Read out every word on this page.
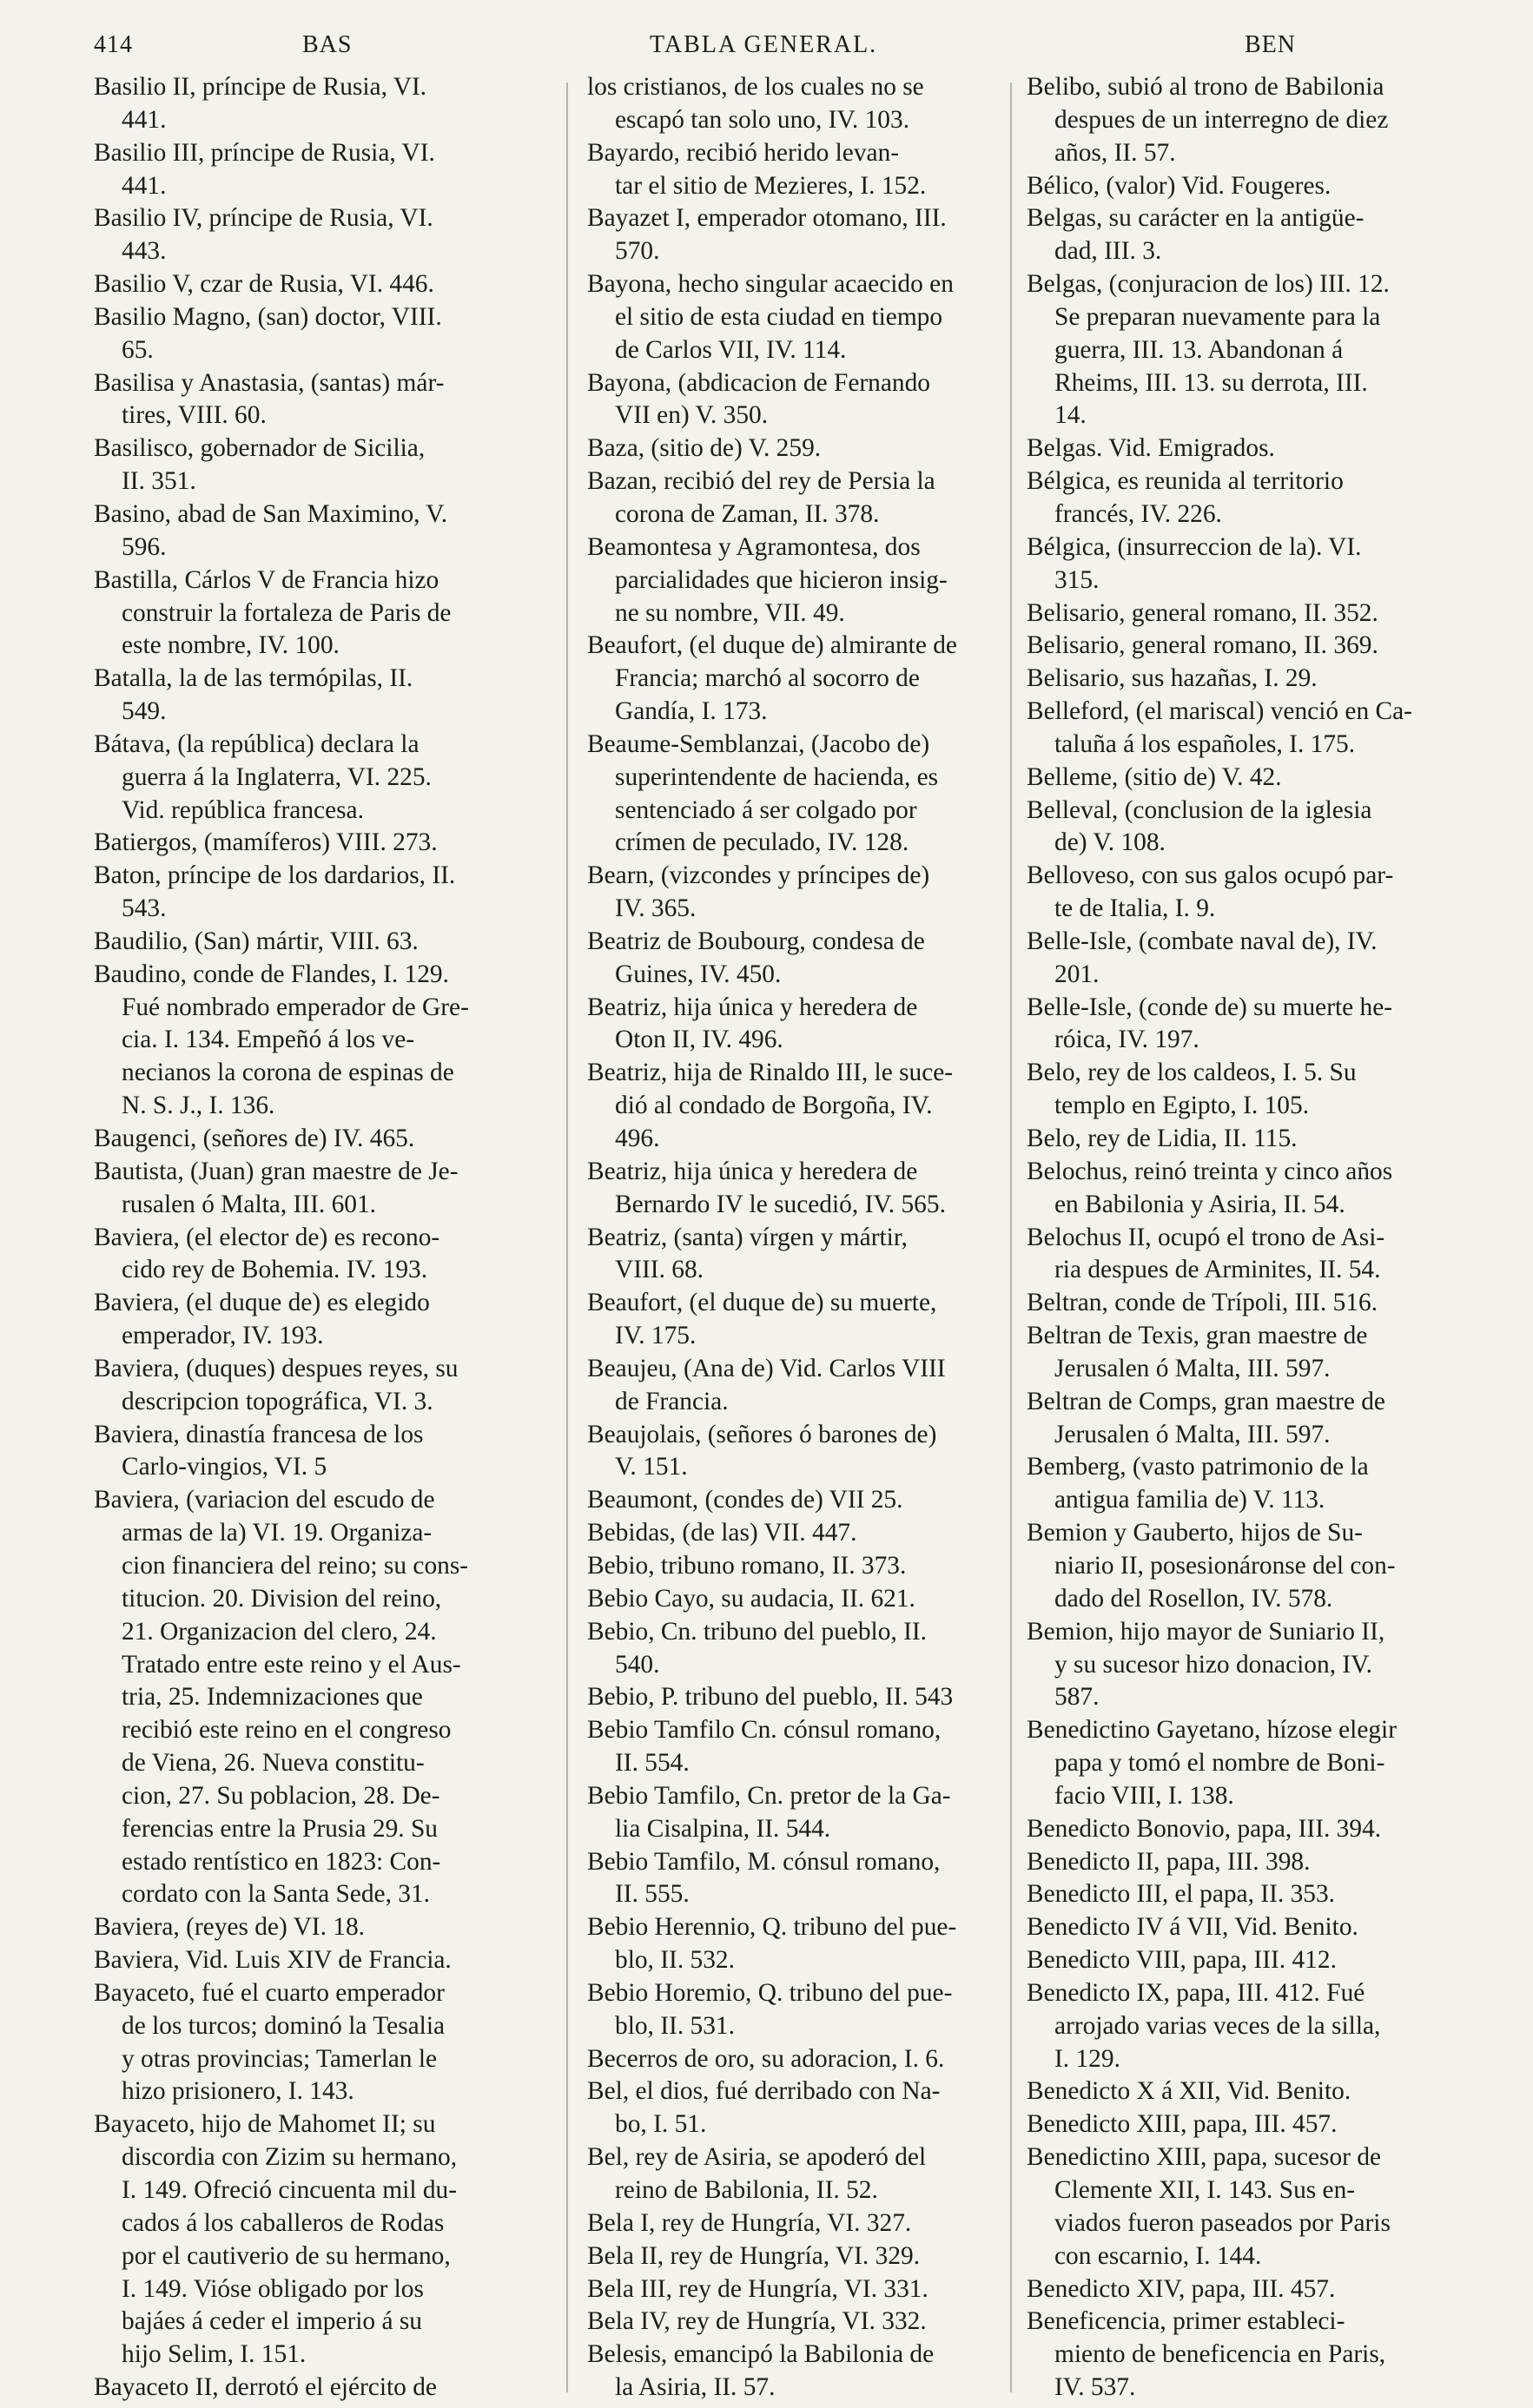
414	BAS	TABLA GENERAL.	BEN
Basilio II, príncipe de Rusia, VI.
441.
Basilio III, príncipe de Rusia, VI.
441.
Basilio IV, príncipe de Rusia, VI.
443.
Basilio V, czar de Rusia, VI. 446.
Basilio Magno, (san) doctor, VIII.
65.
Basilisa y Anastasia, (santas) már-
tires, VIII. 60.
Basilisco, gobernador de Sicilia,
II. 351.
Basino, abad de San Maximino, V.
596.
Bastilla, Cárlos V de Francia hizo
construir la fortaleza de Paris de
este nombre, IV. 100.
Batalla, la de las termópilas, II.
549.
Bátava, (la república) declara la
guerra á la Inglaterra, VI. 225.
Vid. república francesa.
Batiergos, (mamíferos) VIII. 273.
Baton, príncipe de los dardarios, II.
543.
Baudilio, (San) mártir, VIII. 63.
Baudino, conde de Flandes, I. 129.
Fué nombrado emperador de Gre-
cia. I. 134. Empeñó á los ve-
necianos la corona de espinas de
N. S. J., I. 136.
Baugenci, (señores de) IV. 465.
Bautista, (Juan) gran maestre de Je-
rusalen ó Malta, III. 601.
Baviera, (el elector de) es recono-
cido rey de Bohemia. IV. 193.
Baviera, (el duque de) es elegido
emperador, IV. 193.
Baviera, (duques) despues reyes, su
descripcion topográfica, VI. 3.
Baviera, dinastía francesa de los
Carlo-vingios, VI. 5
Baviera, (variacion del escudo de
armas de la) VI. 19. Organiza-
cion financiera del reino; su cons-
titucion. 20. Division del reino,
21. Organizacion del clero, 24.
Tratado entre este reino y el Aus-
tria, 25. Indemnizaciones que
recibió este reino en el congreso
de Viena, 26. Nueva constitu-
cion, 27. Su poblacion, 28. De-
ferencias entre la Prusia 29. Su
estado rentístico en 1823: Con-
cordato con la Santa Sede, 31.
Baviera, (reyes de) VI. 18.
Baviera, Vid. Luis XIV de Francia.
Bayaceto, fué el cuarto emperador
de los turcos; dominó la Tesalia
y otras provincias; Tamerlan le
hizo prisionero, I. 143.
Bayaceto, hijo de Mahomet II; su
discordia con Zizim su hermano,
I. 149. Ofreció cincuenta mil du-
cados á los caballeros de Rodas
por el cautiverio de su hermano,
I. 149. Vióse obligado por los
bajáes á ceder el imperio á su
hijo Selim, I. 151.
Bayaceto II, derrotó el ejército de
los cristianos, de los cuales no se
escapó tan solo uno, IV. 103.
Bayardo, recibió herido levan-
tar el sitio de Mezieres, I. 152.
Bayazet I, emperador otomano, III.
570.
Bayona, hecho singular acaecido en
el sitio de esta ciudad en tiempo
de Carlos VII, IV. 114.
Bayona, (abdicacion de Fernando
VII en) V. 350.
Baza, (sitio de) V. 259.
Bazan, recibió del rey de Persia la
corona de Zaman, II. 378.
Beamontesa y Agramontesa, dos
parcialidades que hicieron insig-
ne su nombre, VII. 49.
Beaufort, (el duque de) almirante de
Francia; marchó al socorro de
Gandía, I. 173.
Beaume-Semblanzai, (Jacobo de)
superintendente de hacienda, es
sentenciado á ser colgado por
crímen de peculado, IV. 128.
Bearn, (vizcondes y príncipes de)
IV. 365.
Beatriz de Boubourg, condesa de
Guines, IV. 450.
Beatriz, hija única y heredera de
Oton II, IV. 496.
Beatriz, hija de Rinaldo III, le suce-
dió al condado de Borgoña, IV.
496.
Beatriz, hija única y heredera de
Bernardo IV le sucedió, IV. 565.
Beatriz, (santa) vírgen y mártir,
VIII. 68.
Beaufort, (el duque de) su muerte,
IV. 175.
Beaujeu, (Ana de) Vid. Carlos VIII
de Francia.
Beaujolais, (señores ó barones de)
V. 151.
Beaumont, (condes de) VII 25.
Bebidas, (de las) VII. 447.
Bebio, tribuno romano, II. 373.
Bebio Cayo, su audacia, II. 621.
Bebio, Cn. tribuno del pueblo, II.
540.
Bebio, P. tribuno del pueblo, II. 543
Bebio Tamfilo Cn. cónsul romano,
II. 554.
Bebio Tamfilo, Cn. pretor de la Ga-
lia Cisalpina, II. 544.
Bebio Tamfilo, M. cónsul romano,
II. 555.
Bebio Herennio, Q. tribuno del pue-
blo, II. 532.
Bebio Horemio, Q. tribuno del pue-
blo, II. 531.
Becerros de oro, su adoracion, I. 6.
Bel, el dios, fué derribado con Na-
bo, I. 51.
Bel, rey de Asiria, se apoderó del
reino de Babilonia, II. 52.
Bela I, rey de Hungría, VI. 327.
Bela II, rey de Hungría, VI. 329.
Bela III, rey de Hungría, VI. 331.
Bela IV, rey de Hungría, VI. 332.
Belesis, emancipó la Babilonia de
la Asiria, II. 57.
Belibo, subió al trono de Babilonia
despues de un interregno de diez
años, II. 57.
Bélico, (valor) Vid. Fougeres.
Belgas, su carácter en la antigüe-
dad, III. 3.
Belgas, (conjuracion de los) III. 12.
Se preparan nuevamente para la
guerra, III. 13. Abandonan á
Rheims, III. 13. su derrota, III.
14.
Belgas. Vid. Emigrados.
Bélgica, es reunida al territorio
francés, IV. 226.
Bélgica, (insurreccion de la). VI.
315.
Belisario, general romano, II. 352.
Belisario, general romano, II. 369.
Belisario, sus hazañas, I. 29.
Belleford, (el mariscal) venció en Ca-
taluña á los españoles, I. 175.
Belleme, (sitio de) V. 42.
Belleval, (conclusion de la iglesia
de) V. 108.
Belloveso, con sus galos ocupó par-
te de Italia, I. 9.
Belle-Isle, (combate naval de), IV.
201.
Belle-Isle, (conde de) su muerte he-
róica, IV. 197.
Belo, rey de los caldeos, I. 5. Su
templo en Egipto, I. 105.
Belo, rey de Lidia, II. 115.
Belochus, reinó treinta y cinco años
en Babilonia y Asiria, II. 54.
Belochus II, ocupó el trono de Asi-
ria despues de Arminites, II. 54.
Beltran, conde de Trípoli, III. 516.
Beltran de Texis, gran maestre de
Jerusalen ó Malta, III. 597.
Beltran de Comps, gran maestre de
Jerusalen ó Malta, III. 597.
Bemberg, (vasto patrimonio de la
antigua familia de) V. 113.
Bemion y Gauberto, hijos de Su-
niario II, posesionáronse del con-
dado del Rosellon, IV. 578.
Bemion, hijo mayor de Suniario II,
y su sucesor hizo donacion, IV.
587.
Benedictino Gayetano, hízose elegir
papa y tomó el nombre de Boni-
facio VIII, I. 138.
Benedicto Bonovio, papa, III. 394.
Benedicto II, papa, III. 398.
Benedicto III, el papa, II. 353.
Benedicto IV á VII, Vid. Benito.
Benedicto VIII, papa, III. 412.
Benedicto IX, papa, III. 412. Fué
arrojado varias veces de la silla,
I. 129.
Benedicto X á XII, Vid. Benito.
Benedicto XIII, papa, III. 457.
Benedictino XIII, papa, sucesor de
Clemente XII, I. 143. Sus en-
viados fueron paseados por Paris
con escarnio, I. 144.
Benedicto XIV, papa, III. 457.
Beneficencia, primer estableci-
miento de beneficencia en Paris,
IV. 537.
